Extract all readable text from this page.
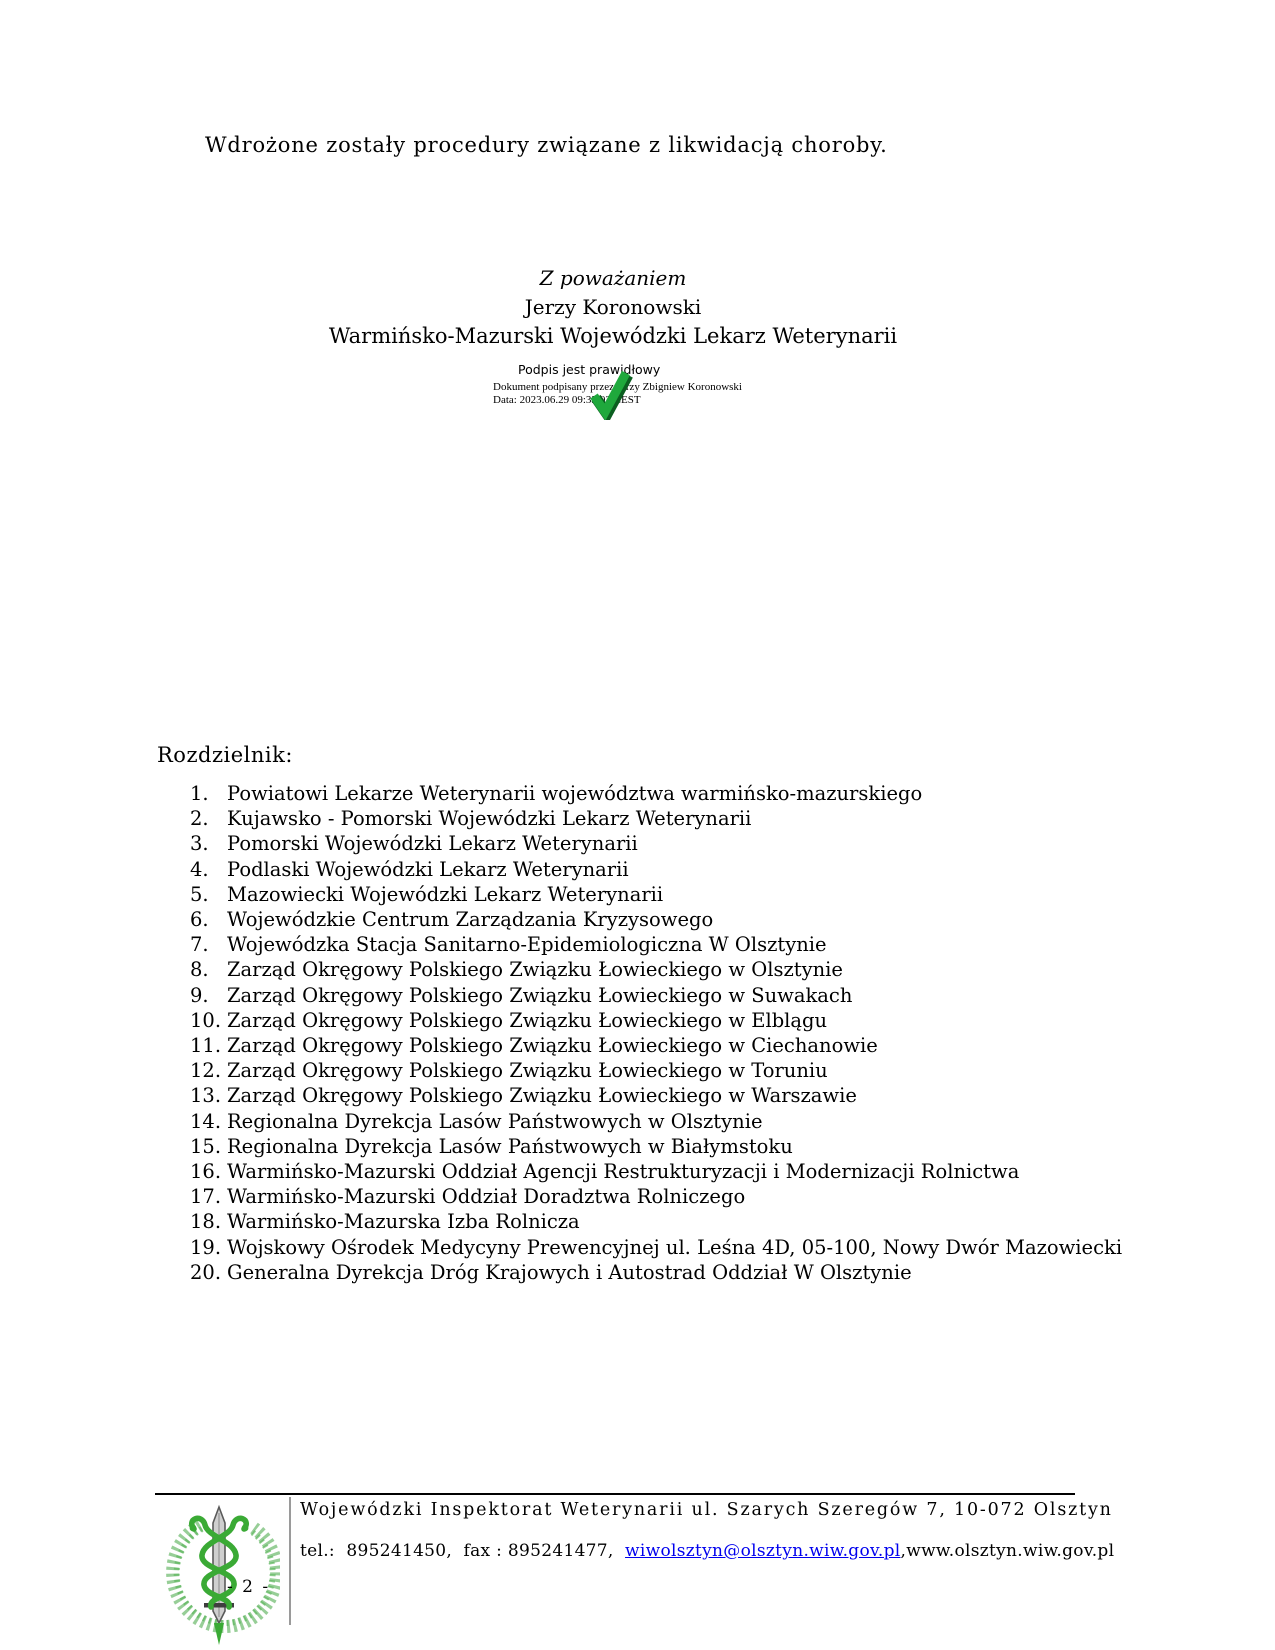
Wdrożone zostały procedury związane z likwidacją choroby.
Z poważaniem
Jerzy Koronowski
Warmińsko-Mazurski Wojewódzki Lekarz Weterynarii
Podpis jest prawidłowy
Dokument podpisany przez Jerzy Zbigniew Koronowski
Data: 2023.06.29 09:33:02 CEST
Rozdzielnik:
1. Powiatowi Lekarze Weterynarii województwa warmińsko-mazurskiego
2. Kujawsko - Pomorski Wojewódzki Lekarz Weterynarii
3. Pomorski Wojewódzki Lekarz Weterynarii
4. Podlaski Wojewódzki Lekarz Weterynarii
5. Mazowiecki Wojewódzki Lekarz Weterynarii
6. Wojewódzkie Centrum Zarządzania Kryzysowego
7. Wojewódzka Stacja Sanitarno-Epidemiologiczna W Olsztynie
8. Zarząd Okręgowy Polskiego Związku Łowieckiego w Olsztynie
9. Zarząd Okręgowy Polskiego Związku Łowieckiego w Suwakach
10. Zarząd Okręgowy Polskiego Związku Łowieckiego w Elblągu
11. Zarząd Okręgowy Polskiego Związku Łowieckiego w Ciechanowie
12. Zarząd Okręgowy Polskiego Związku Łowieckiego w Toruniu
13. Zarząd Okręgowy Polskiego Związku Łowieckiego w Warszawie
14. Regionalna Dyrekcja Lasów Państwowych w Olsztynie
15. Regionalna Dyrekcja Lasów Państwowych w Białymstoku
16. Warmińsko-Mazurski Oddział Agencji Restrukturyzacji i Modernizacji Rolnictwa
17. Warmińsko-Mazurski Oddział Doradztwa Rolniczego
18. Warmińsko-Mazurska Izba Rolnicza
19. Wojskowy Ośrodek Medycyny Prewencyjnej ul. Leśna 4D, 05-100, Nowy Dwór Mazowiecki
20. Generalna Dyrekcja Dróg Krajowych i Autostrad Oddział W Olsztynie
- 2 -
Wojewódzki Inspektorat Weterynarii ul. Szarych Szeregów 7, 10-072 Olsztyn
tel.:  895241450,  fax : 895241477,  wiwolsztyn@olsztyn.wiw.gov.pl,www.olsztyn.wiw.gov.pl
